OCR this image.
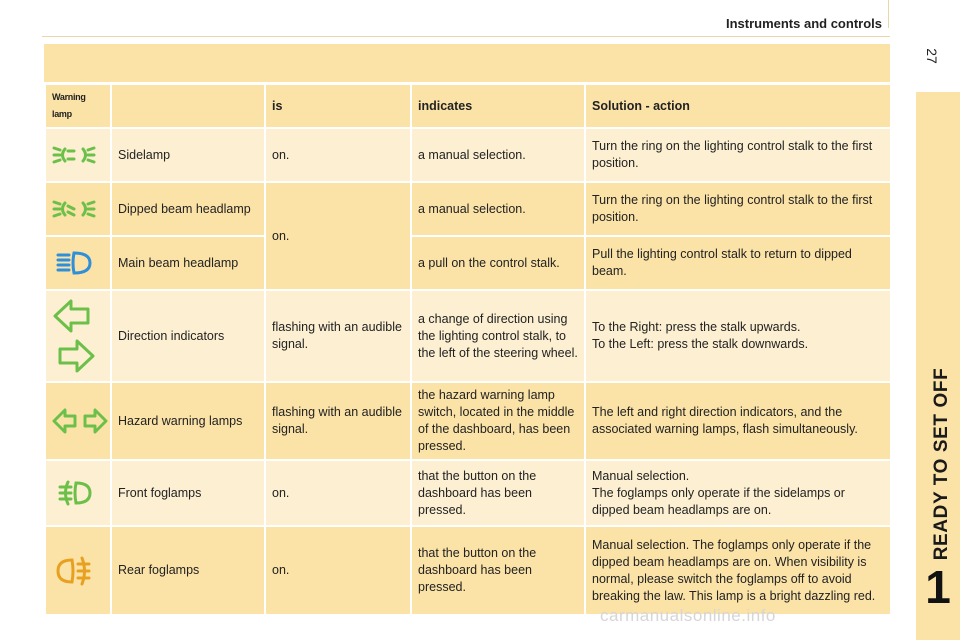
Instruments and controls
27
READY TO SET OFF
1
Warning lamp		is	indicates	Solution - action
	Sidelamp	on.	a manual selection.	Turn the ring on the lighting control stalk to the first position.
	Dipped beam headlamp	on.	a manual selection.	Turn the ring on the lighting control stalk to the first position.
	Main beam headlamp		a pull on the control stalk.	Pull the lighting control stalk to return to dipped beam.
	Direction indicators	flashing with an audible signal.	a change of direction using the lighting control stalk, to the left of the steering wheel.	To the Right: press the stalk upwards.
To the Left: press the stalk downwards.
	Hazard warning lamps	flashing with an audible signal.	the hazard warning lamp switch, located in the middle of the dashboard, has been pressed.	The left and right direction indicators, and the associated warning lamps, flash simultaneously.
	Front foglamps	on.	that the button on the dashboard has been pressed.	Manual selection.
The foglamps only operate if the sidelamps or dipped beam headlamps are on.
	Rear foglamps	on.	that the button on the dashboard has been pressed.	Manual selection. The foglamps only operate if the dipped beam headlamps are on. When visibility is normal, please switch the foglamps off to avoid breaking the law. This lamp is a bright dazzling red.
carmanualsonline.info
